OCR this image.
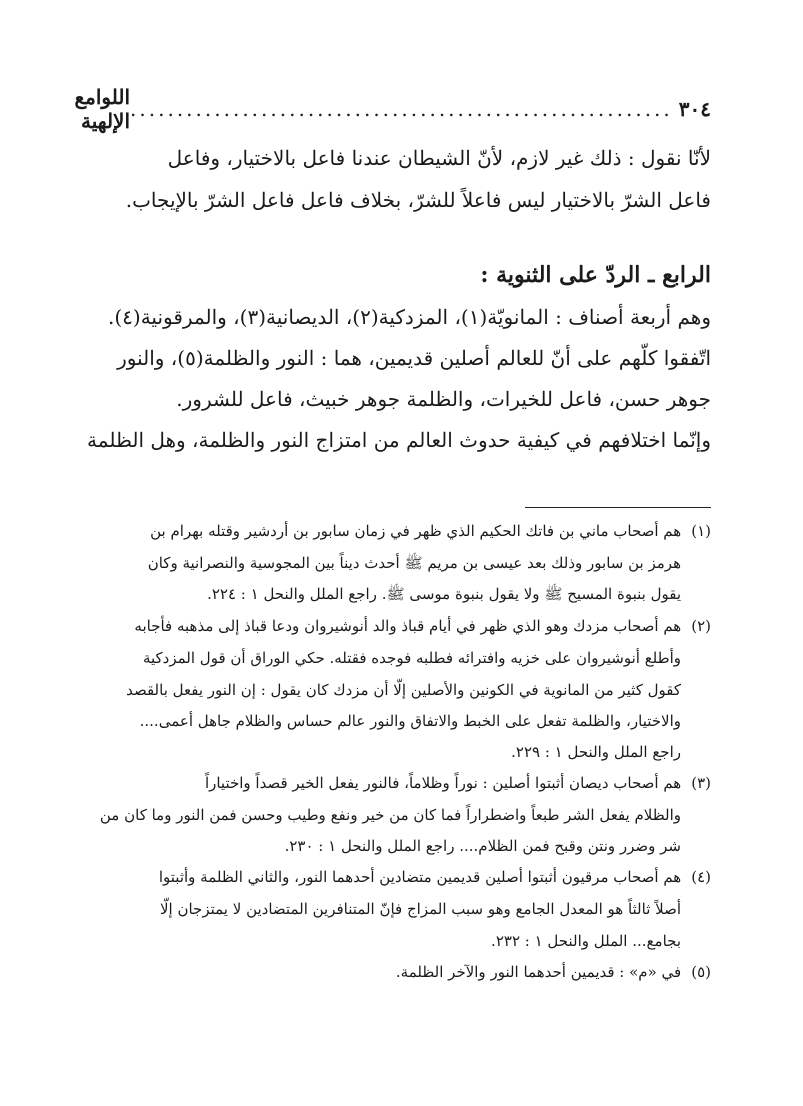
٣٠٤
..........................................................
اللوامع الإلهية
لأنّا نقول : ذلك غير لازم، لأنّ الشيطان عندنا فاعل بالاختيار، وفاعل
فاعل الشرّ بالاختيار ليس فاعلاً للشرّ، بخلاف فاعل فاعل الشرّ بالإيجاب.
الرابع ـ الردّ على الثنوية :
وهم أربعة أصناف : المانويّة(١)، المزدكية(٢)، الديصانية(٣)، والمرقونية(٤).
اتّفقوا كلّهم على أنّ للعالم أصلين قديمين، هما : النور والظلمة(٥)، والنور
جوهر حسن، فاعل للخيرات، والظلمة جوهر خبيث، فاعل للشرور.
وإنّما اختلافهم في كيفية حدوث العالم من امتزاج النور والظلمة، وهل الظلمة
(١)هم أصحاب ماني بن فاتك الحكيم الذي ظهر في زمان سابور بن أردشير وقتله بهرام بن
هرمز بن سابور وذلك بعد عيسى بن مريم ﷺ أحدث ديناً بين المجوسية والنصرانية وكان
يقول بنبوة المسيح ﷺ ولا يقول بنبوة موسى ﷺ. راجع الملل والنحل ١ : ٢٢٤.
(٢)هم أصحاب مزدك وهو الذي ظهر في أيام قباذ والد أنوشيروان ودعا قباذ إلى مذهبه فأجابه
وأطلع أنوشيروان على خزيه وافترائه فطلبه فوجده فقتله. حكي الوراق أن قول المزدكية
كقول كثير من المانوية في الكونين والأصلين إلّا أن مزدك كان يقول : إن النور يفعل بالقصد
والاختيار، والظلمة تفعل على الخبط والاتفاق والنور عالم حساس والظلام جاهل أعمى....
راجع الملل والنحل ١ : ٢٢٩.
(٣)هم أصحاب ديصان أثبتوا أصلين : نوراً وظلاماً، فالنور يفعل الخير قصداً واختياراً
والظلام يفعل الشر طبعاً واضطراراً فما كان من خير ونفع وطيب وحسن فمن النور وما كان من
شر وضرر ونتن وقبح فمن الظلام.... راجع الملل والنحل ١ : ٢٣٠.
(٤)هم أصحاب مرقيون أثبتوا أصلين قديمين متضادين أحدهما النور، والثاني الظلمة وأثبتوا
أصلاً ثالثاً هو المعدل الجامع وهو سبب المزاج فإنّ المتنافرين المتضادين لا يمتزجان إلّا
بجامع... الملل والنحل ١ : ٢٣٢.
(٥)في «م» : قديمين أحدهما النور والآخر الظلمة.
